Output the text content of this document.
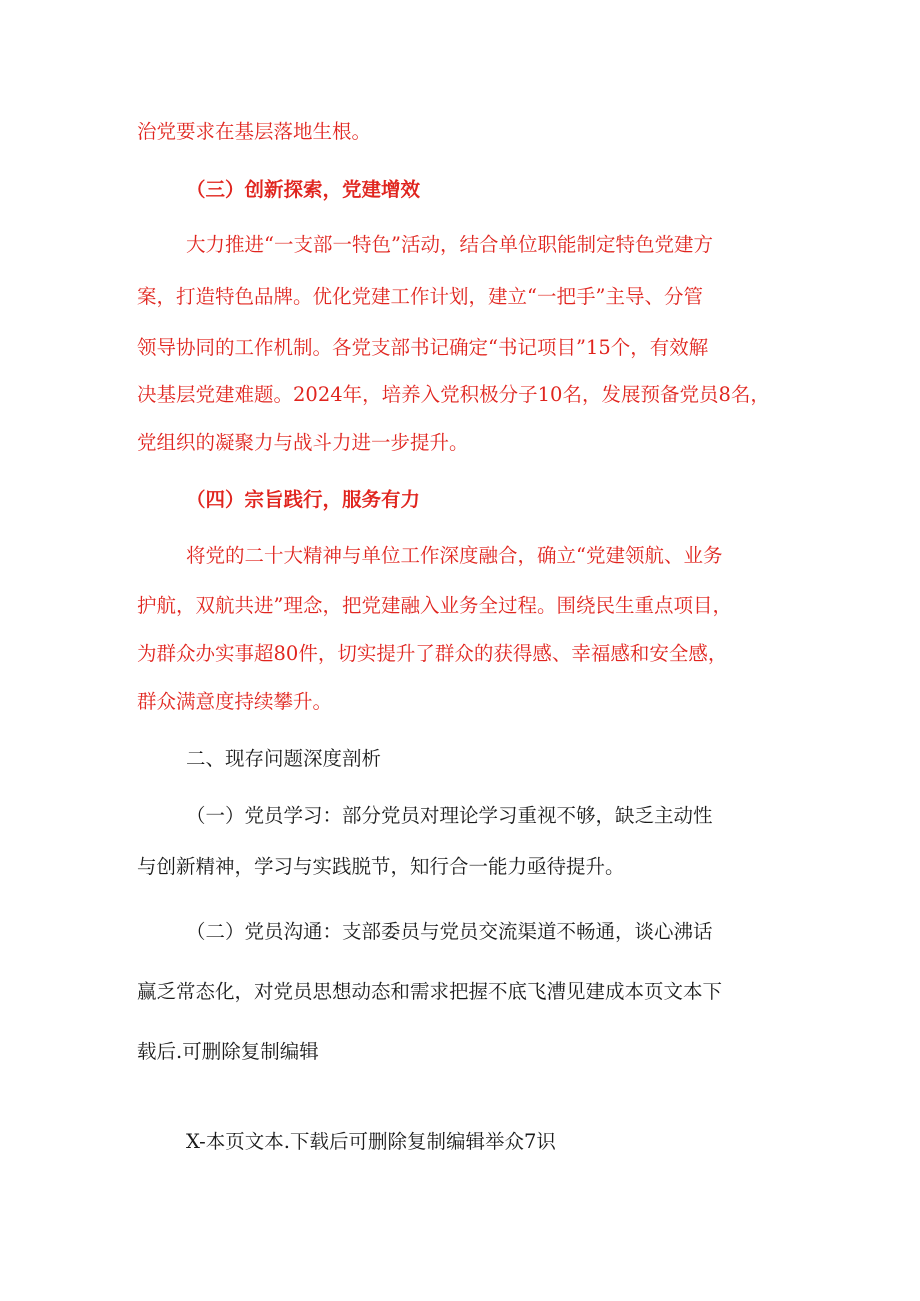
治党要求在基层落地生根。

（三）创新探索，党建增效

大力推进“一支部一特色”活动，结合单位职能制定特色党建方

案，打造特色品牌。优化党建工作计划，建立“一把手”主导、分管

领导协同的工作机制。各党支部书记确定“书记项目”15个，有效解

决基层党建难题。2024年，培养入党积极分子10名，发展预备党员8名，

党组织的凝聚力与战斗力进一步提升。

（四）宗旨践行，服务有力

将党的二十大精神与单位工作深度融合，确立“党建领航、业务

护航，双航共进”理念，把党建融入业务全过程。围绕民生重点项目，

为群众办实事超80件，切实提升了群众的获得感、幸福感和安全感，

群众满意度持续攀升。

二、现存问题深度剖析

（一）党员学习：部分党员对理论学习重视不够，缺乏主动性

与创新精神，学习与实践脱节，知行合一能力亟待提升。

（二）党员沟通：支部委员与党员交流渠道不畅通，谈心沸话

赢乏常态化，对党员思想动态和需求把握不底飞漕见建成本页文本下

载后.可删除复制编辑

X-本页文本.下载后可删除复制编辑举众7识
